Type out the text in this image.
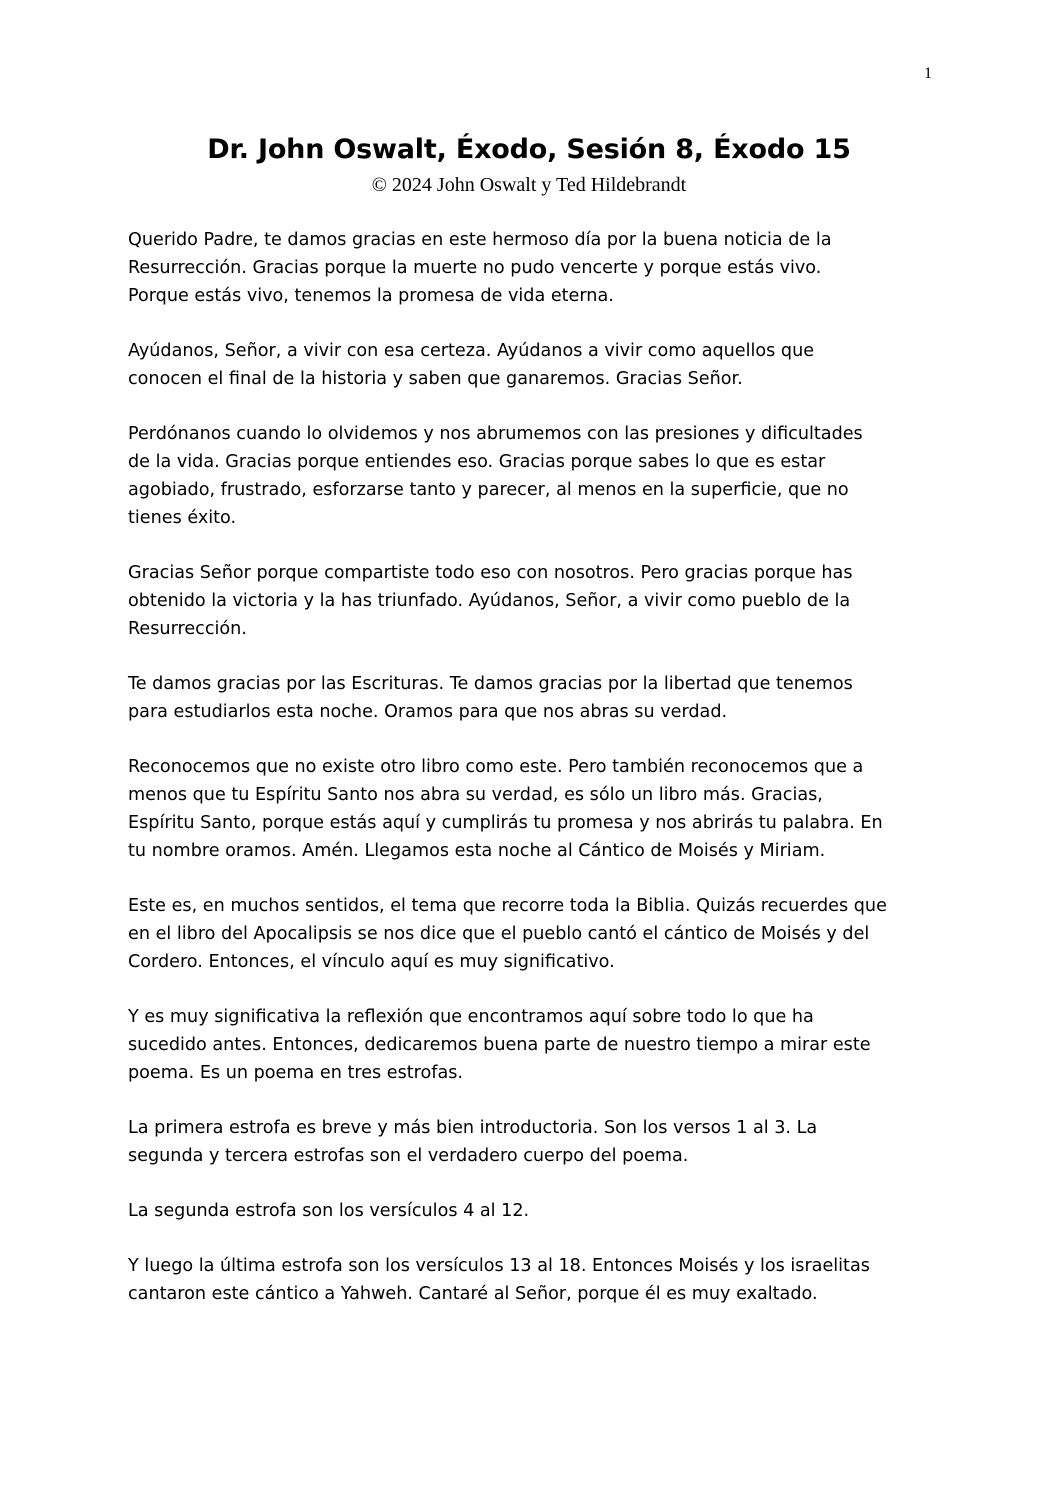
1
Dr. John Oswalt, Éxodo, Sesión 8, Éxodo 15
© 2024 John Oswalt y Ted Hildebrandt

Querido Padre, te damos gracias en este hermoso día por la buena noticia de la
Resurrección. Gracias porque la muerte no pudo vencerte y porque estás vivo.
Porque estás vivo, tenemos la promesa de vida eterna.

Ayúdanos, Señor, a vivir con esa certeza. Ayúdanos a vivir como aquellos que
conocen el final de la historia y saben que ganaremos. Gracias Señor.

Perdónanos cuando lo olvidemos y nos abrumemos con las presiones y dificultades
de la vida. Gracias porque entiendes eso. Gracias porque sabes lo que es estar
agobiado, frustrado, esforzarse tanto y parecer, al menos en la superficie, que no
tienes éxito.

Gracias Señor porque compartiste todo eso con nosotros. Pero gracias porque has
obtenido la victoria y la has triunfado. Ayúdanos, Señor, a vivir como pueblo de la
Resurrección.

Te damos gracias por las Escrituras. Te damos gracias por la libertad que tenemos
para estudiarlos esta noche. Oramos para que nos abras su verdad.

Reconocemos que no existe otro libro como este. Pero también reconocemos que a
menos que tu Espíritu Santo nos abra su verdad, es sólo un libro más. Gracias,
Espíritu Santo, porque estás aquí y cumplirás tu promesa y nos abrirás tu palabra. En
tu nombre oramos. Amén. Llegamos esta noche al Cántico de Moisés y Miriam.

Este es, en muchos sentidos, el tema que recorre toda la Biblia. Quizás recuerdes que
en el libro del Apocalipsis se nos dice que el pueblo cantó el cántico de Moisés y del
Cordero. Entonces, el vínculo aquí es muy significativo.

Y es muy significativa la reflexión que encontramos aquí sobre todo lo que ha
sucedido antes. Entonces, dedicaremos buena parte de nuestro tiempo a mirar este
poema. Es un poema en tres estrofas.

La primera estrofa es breve y más bien introductoria. Son los versos 1 al 3. La
segunda y tercera estrofas son el verdadero cuerpo del poema.

La segunda estrofa son los versículos 4 al 12.

Y luego la última estrofa son los versículos 13 al 18. Entonces Moisés y los israelitas
cantaron este cántico a Yahweh. Cantaré al Señor, porque él es muy exaltado.
